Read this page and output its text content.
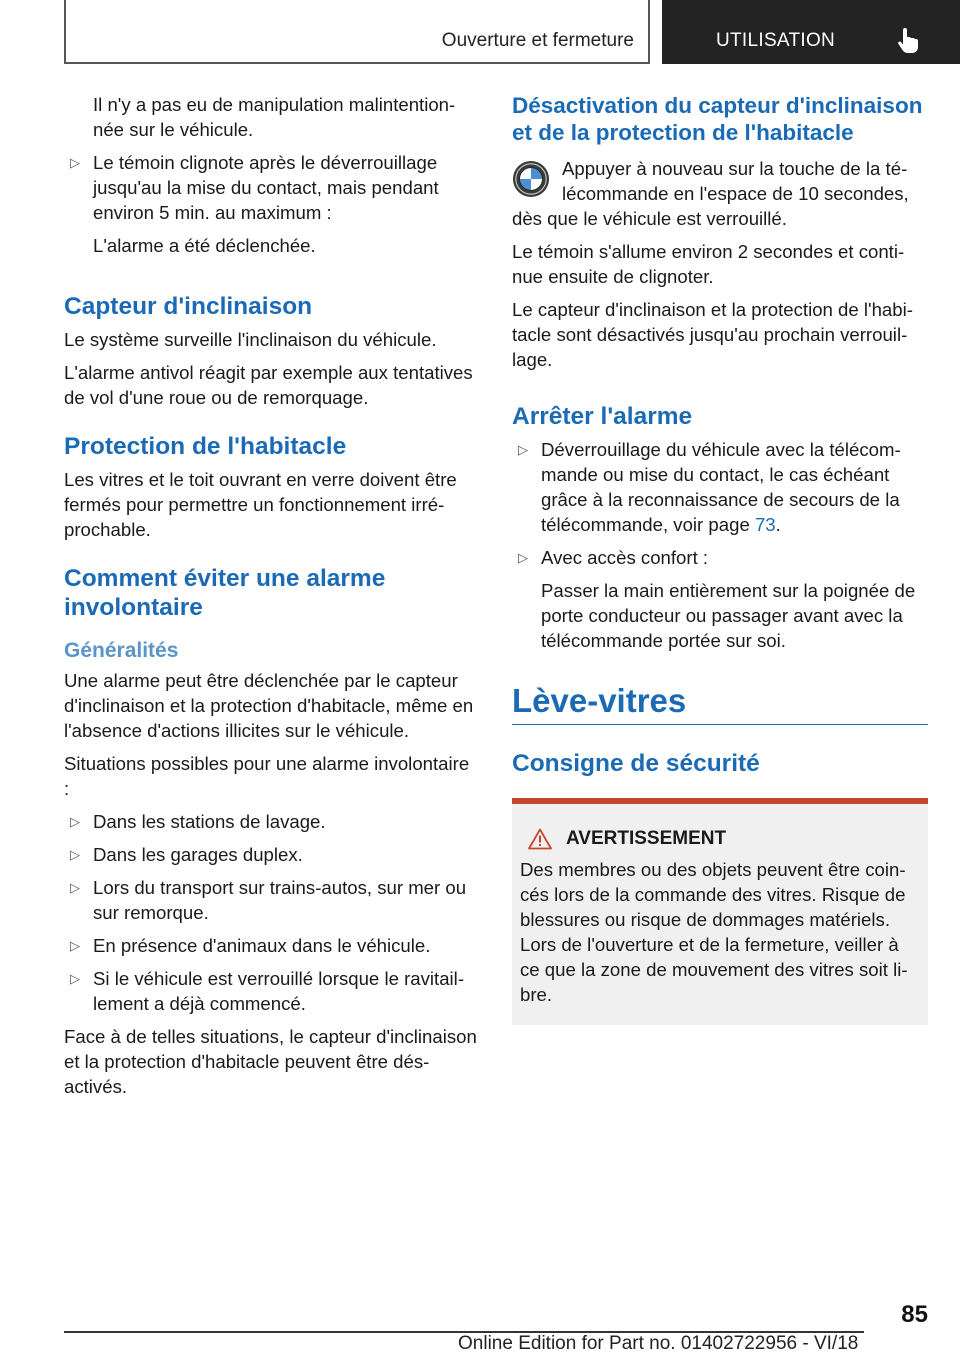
Ouverture et fermeture	UTILISATION

Il n'y a pas eu de manipulation malintentionnée sur le véhicule.

▷ Le témoin clignote après le déverrouillage jusqu'au la mise du contact, mais pendant environ 5 min. au maximum :

L'alarme a été déclenchée.

Capteur d'inclinaison

Le système surveille l'inclinaison du véhicule.

L'alarme antivol réagit par exemple aux tentatives de vol d'une roue ou de remorquage.

Protection de l'habitacle

Les vitres et le toit ouvrant en verre doivent être fermés pour permettre un fonctionnement irréprochable.

Comment éviter une alarme involontaire
Généralités

Une alarme peut être déclenchée par le capteur d'inclinaison et la protection d'habitacle, même en l'absence d'actions illicites sur le véhicule.

Situations possibles pour une alarme involontaire :

▷ Dans les stations de lavage.
▷ Dans les garages duplex.
▷ Lors du transport sur trains-autos, sur mer ou sur remorque.
▷ En présence d'animaux dans le véhicule.
▷ Si le véhicule est verrouillé lorsque le ravitaillement a déjà commencé.

Face à de telles situations, le capteur d'inclinaison et la protection d'habitacle peuvent être désactivés.

Désactivation du capteur d'inclinaison et de la protection de l'habitacle

Appuyer à nouveau sur la touche de la télécommande en l'espace de 10 secondes, dès que le véhicule est verrouillé.

Le témoin s'allume environ 2 secondes et continue ensuite de clignoter.

Le capteur d'inclinaison et la protection de l'habitacle sont désactivés jusqu'au prochain verrouillage.

Arrêter l'alarme
▷ Déverrouillage du véhicule avec la télécommande ou mise du contact, le cas échéant grâce à la reconnaissance de secours de la télécommande, voir page 73.
▷ Avec accès confort :

Passer la main entièrement sur la poignée de porte conducteur ou passager avant avec la télécommande portée sur soi.

Lève-vitres
Consigne de sécurité
AVERTISSEMENT

Des membres ou des objets peuvent être coincés lors de la commande des vitres. Risque de blessures ou risque de dommages matériels. Lors de l'ouverture et de la fermeture, veiller à ce que la zone de mouvement des vitres soit libre.

85
Online Edition for Part no. 01402722956 - VI/18
